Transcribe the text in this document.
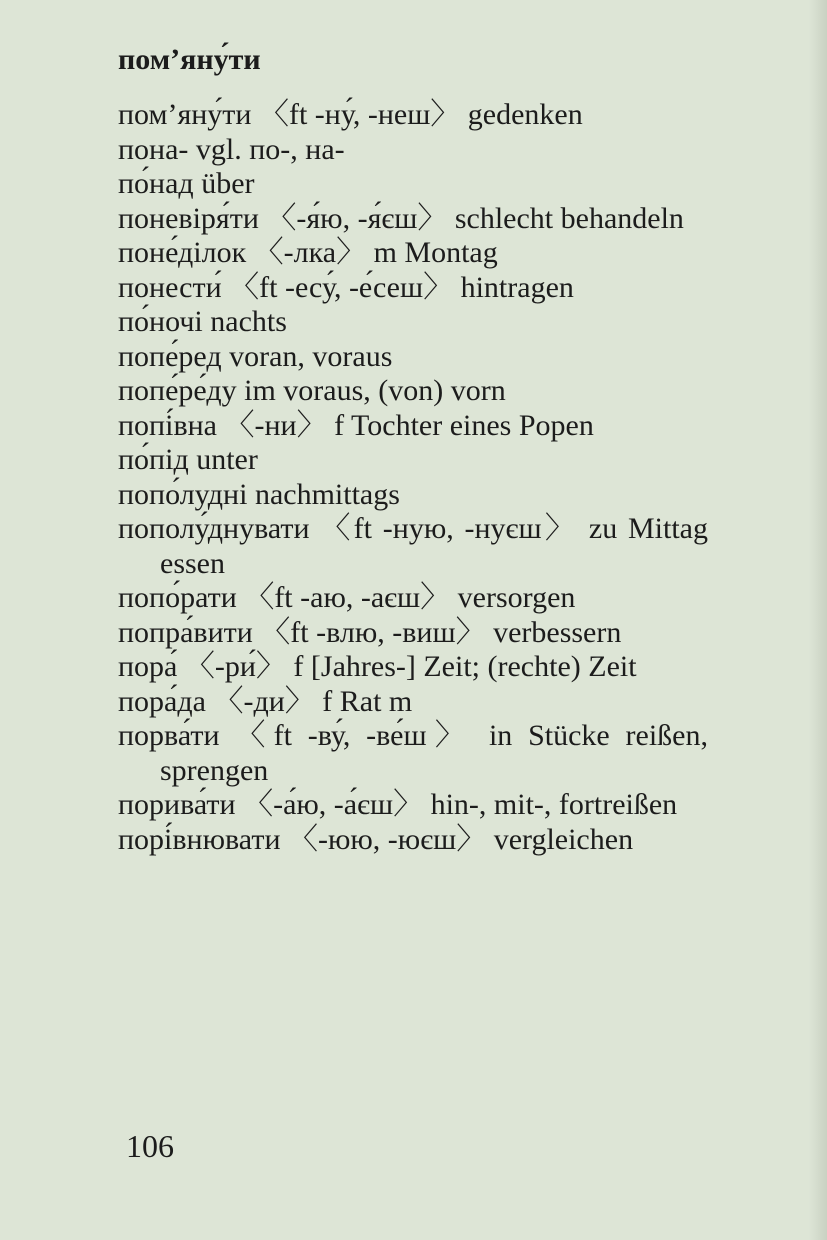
пом’яну́ти
пом’яну́ти 〈ft -ну́, -неш〉 gedenken
пона- vgl. по-, на-
по́над über
поневіря́ти 〈-я́ю, -я́єш〉 schlecht behandeln
поне́ділок 〈-лка〉 m Montag
понести́ 〈ft -есу́, -е́сеш〉 hintragen
по́ночі nachts
попе́ред voran, voraus
попе́ре́ду im voraus, (von) vorn
попі́вна 〈-ни〉 f Tochter eines Popen
по́під unter
попо́лудні nachmittags
пополу́днувати 〈ft -ную, -нуєш〉 zu Mittag essen
попо́рати 〈ft -аю, -аєш〉 versorgen
попра́вити 〈ft -влю, -виш〉 verbessern
пора́ 〈-ри́〉 f [Jahres-] Zeit; (rechte) Zeit
пора́да 〈-ди〉 f Rat m
порва́ти 〈ft -ву́, -ве́ш〉 in Stücke reißen, sprengen
порива́ти 〈-а́ю, -а́єш〉 hin-, mit-, fortreißen
порі́внювати 〈-юю, -юєш〉 vergleichen
106
